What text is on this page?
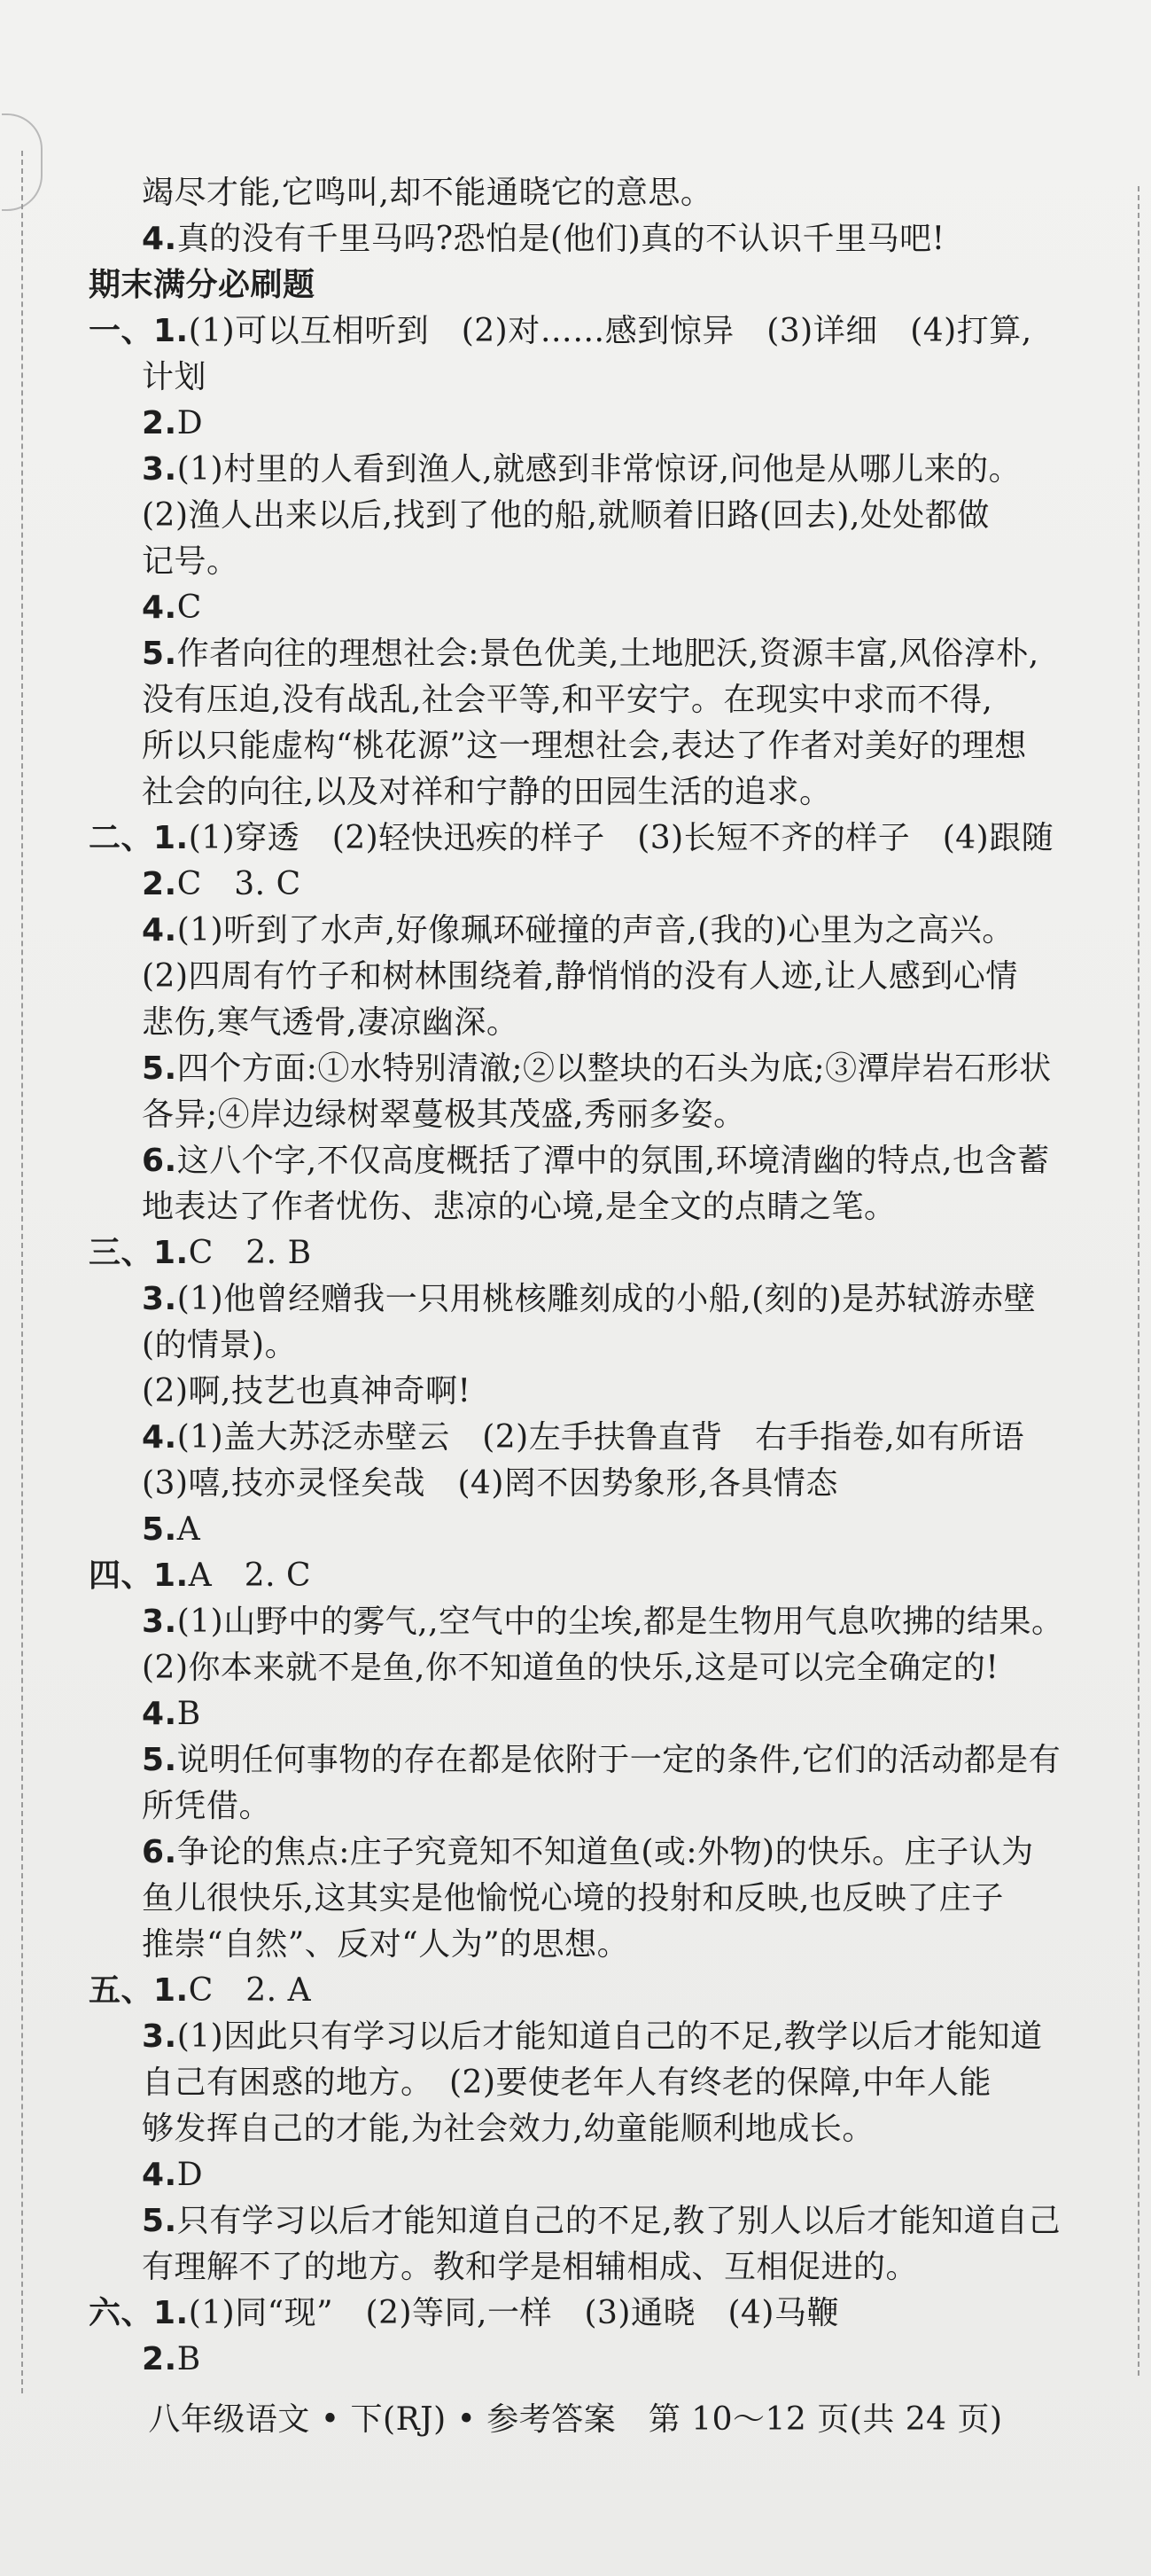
竭尽才能,它鸣叫,却不能通晓它的意思。
4.真的没有千里马吗?恐怕是(他们)真的不认识千里马吧!
期末满分必刷题
一、1.(1)可以互相听到　(2)对……感到惊异　(3)详细　(4)打算,
计划
2.D
3.(1)村里的人看到渔人,就感到非常惊讶,问他是从哪儿来的。
(2)渔人出来以后,找到了他的船,就顺着旧路(回去),处处都做
记号。
4.C
5.作者向往的理想社会:景色优美,土地肥沃,资源丰富,风俗淳朴,
没有压迫,没有战乱,社会平等,和平安宁。在现实中求而不得,
所以只能虚构“桃花源”这一理想社会,表达了作者对美好的理想
社会的向往,以及对祥和宁静的田园生活的追求。
二、1.(1)穿透　(2)轻快迅疾的样子　(3)长短不齐的样子　(4)跟随
2.C　3. C
4.(1)听到了水声,好像珮环碰撞的声音,(我的)心里为之高兴。
(2)四周有竹子和树林围绕着,静悄悄的没有人迹,让人感到心情
悲伤,寒气透骨,凄凉幽深。
5.四个方面:①水特别清澈;②以整块的石头为底;③潭岸岩石形状
各异;④岸边绿树翠蔓极其茂盛,秀丽多姿。
6.这八个字,不仅高度概括了潭中的氛围,环境清幽的特点,也含蓄
地表达了作者忧伤、悲凉的心境,是全文的点睛之笔。
三、1.C　2. B
3.(1)他曾经赠我一只用桃核雕刻成的小船,(刻的)是苏轼游赤壁
(的情景)。
(2)啊,技艺也真神奇啊!
4.(1)盖大苏泛赤壁云　(2)左手扶鲁直背　右手指卷,如有所语
(3)嘻,技亦灵怪矣哉　(4)罔不因势象形,各具情态
5.A
四、1.A　2. C
3.(1)山野中的雾气,,空气中的尘埃,都是生物用气息吹拂的结果。
(2)你本来就不是鱼,你不知道鱼的快乐,这是可以完全确定的!
4.B
5.说明任何事物的存在都是依附于一定的条件,它们的活动都是有
所凭借。
6.争论的焦点:庄子究竟知不知道鱼(或:外物)的快乐。庄子认为
鱼儿很快乐,这其实是他愉悦心境的投射和反映,也反映了庄子
推崇“自然”、反对“人为”的思想。
五、1.C　2. A
3.(1)因此只有学习以后才能知道自己的不足,教学以后才能知道
自己有困惑的地方。　(2)要使老年人有终老的保障,中年人能
够发挥自己的才能,为社会效力,幼童能顺利地成长。
4.D
5.只有学习以后才能知道自己的不足,教了别人以后才能知道自己
有理解不了的地方。教和学是相辅相成、互相促进的。
六、1.(1)同“现”　(2)等同,一样　(3)通晓　(4)马鞭
2.B
八年级语文 • 下(RJ) • 参考答案　第 10～12 页(共 24 页)
